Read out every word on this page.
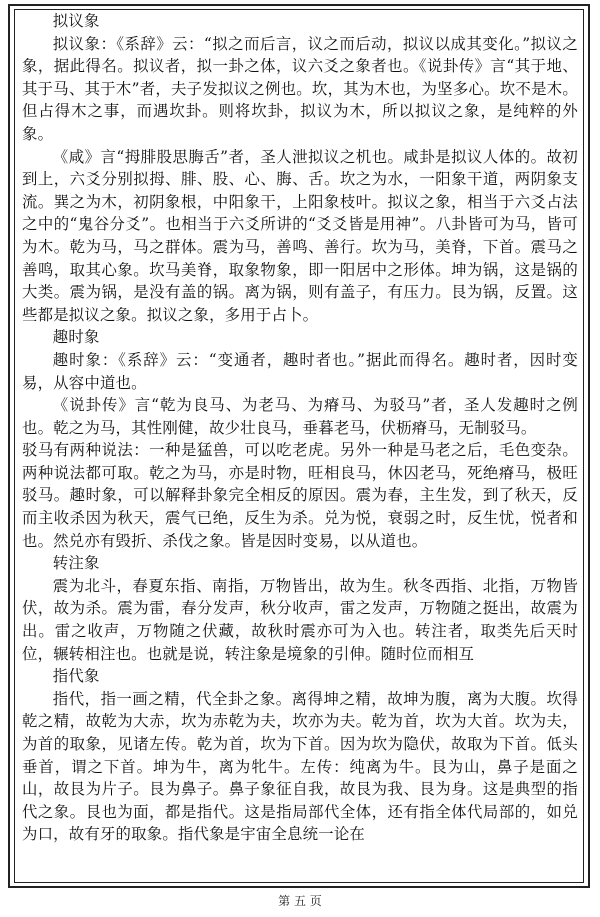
拟议象

拟议象：《系辞》云：“拟之而后言，议之而后动，拟议以成其变化。”拟议之象，据此得名。拟议者，拟一卦之体，议六爻之象者也。《说卦传》言“其于地、其于马、其于木”者，夫子发拟议之例也。坎，其为木也，为坚多心。坎不是木。但占得木之事，而遇坎卦。则将坎卦，拟议为木，所以拟议之象，是纯粹的外象。

《咸》言“拇腓股思脢舌”者，圣人泄拟议之机也。咸卦是拟议人体的。故初到上，六爻分别拟拇、腓、股、心、脢、舌。坎之为水，一阳象干道，两阴象支流。巽之为木，初阴象根，中阳象干，上阳象枝叶。拟议之象，相当于六爻占法之中的“鬼谷分爻”。也相当于六爻所讲的“爻爻皆是用神”。八卦皆可为马，皆可为木。乾为马，马之群体。震为马，善鸣、善行。坎为马，美脊，下首。震马之善鸣，取其心象。坎马美脊，取象物象，即一阳居中之形体。坤为锅，这是锅的大类。震为锅，是没有盖的锅。离为锅，则有盖子，有压力。艮为锅，反置。这些都是拟议之象。拟议之象，多用于占卜。

趣时象

趣时象：《系辞》云：“变通者，趣时者也。”据此而得名。趣时者，因时变易，从容中道也。

《说卦传》言“乾为良马、为老马、为瘠马、为驳马”者，圣人发趣时之例也。乾之为马，其性刚健，故少壮良马，垂暮老马，伏枥瘠马，无制驳马。

驳马有两种说法：一种是猛兽，可以吃老虎。另外一种是马老之后，毛色变杂。两种说法都可取。乾之为马，亦是时物，旺相良马，休囚老马，死绝瘠马，极旺驳马。趣时象，可以解释卦象完全相反的原因。震为春，主生发，到了秋天，反而主收杀因为秋天，震气已绝，反生为杀。兑为悦，衰弱之时，反生忧，悦者和也。然兑亦有毁折、杀伐之象。皆是因时变易，以从道也。

转注象

震为北斗，春夏东指、南指，万物皆出，故为生。秋冬西指、北指，万物皆伏，故为杀。震为雷，春分发声，秋分收声，雷之发声，万物随之挺出，故震为出。雷之收声，万物随之伏藏，故秋时震亦可为入也。转注者，取类先后天时位，辗转相注也。也就是说，转注象是境象的引伸。随时位而相互

指代象

指代，指一画之精，代全卦之象。离得坤之精，故坤为腹，离为大腹。坎得乾之精，故乾为大赤，坎为赤乾为夫，坎亦为夫。乾为首，坎为大首。坎为夫，为首的取象，见诸左传。乾为首，坎为下首。因为坎为隐伏，故取为下首。低头垂首，谓之下首。坤为牛，离为牝牛。左传：纯离为牛。艮为山，鼻子是面之山，故艮为片子。艮为鼻子。鼻子象征自我，故艮为我、艮为身。这是典型的指代之象。艮也为面，都是指代。这是指局部代全体，还有指全体代局部的，如兑为口，故有牙的取象。指代象是宇宙全息统一论在

第 五 页
